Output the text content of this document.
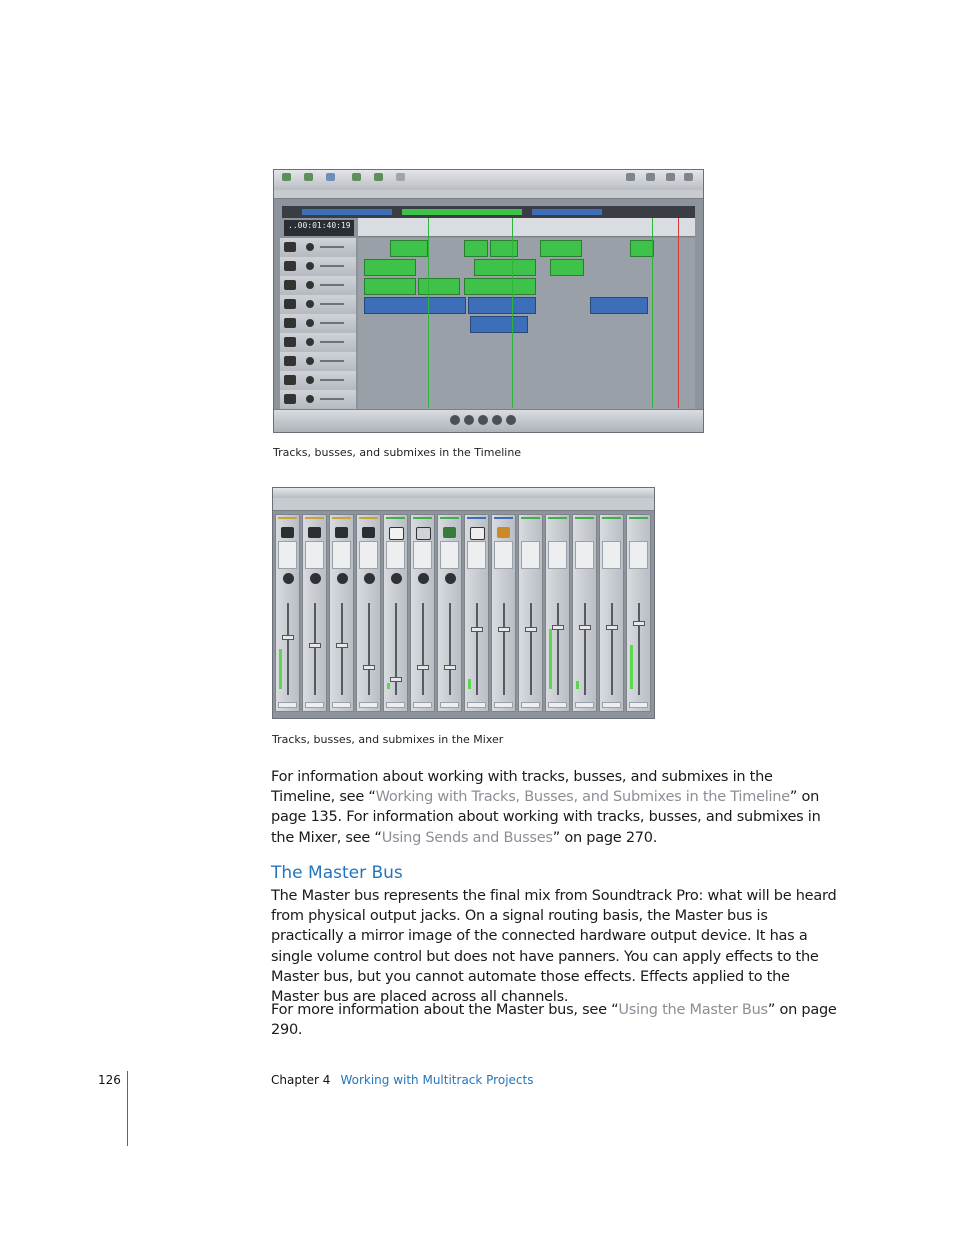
..00:01:40:19
Tracks, busses, and submixes in the Timeline
Tracks, busses, and submixes in the Mixer

For information about working with tracks, busses, and submixes in the Timeline, see “Working with Tracks, Busses, and Submixes in the Timeline” on page 135. For information about working with tracks, busses, and submixes in the Mixer, see “Using Sends and Busses” on page 270.

The Master Bus

The Master bus represents the final mix from Soundtrack Pro: what will be heard from physical output jacks. On a signal routing basis, the Master bus is practically a mirror image of the connected hardware output device. It has a single volume control but does not have panners. You can apply effects to the Master bus, but you cannot automate those effects. Effects applied to the Master bus are placed across all channels.

For more information about the Master bus, see “Using the Master Bus” on page 290.

126	Chapter 4 Working with Multitrack Projects
